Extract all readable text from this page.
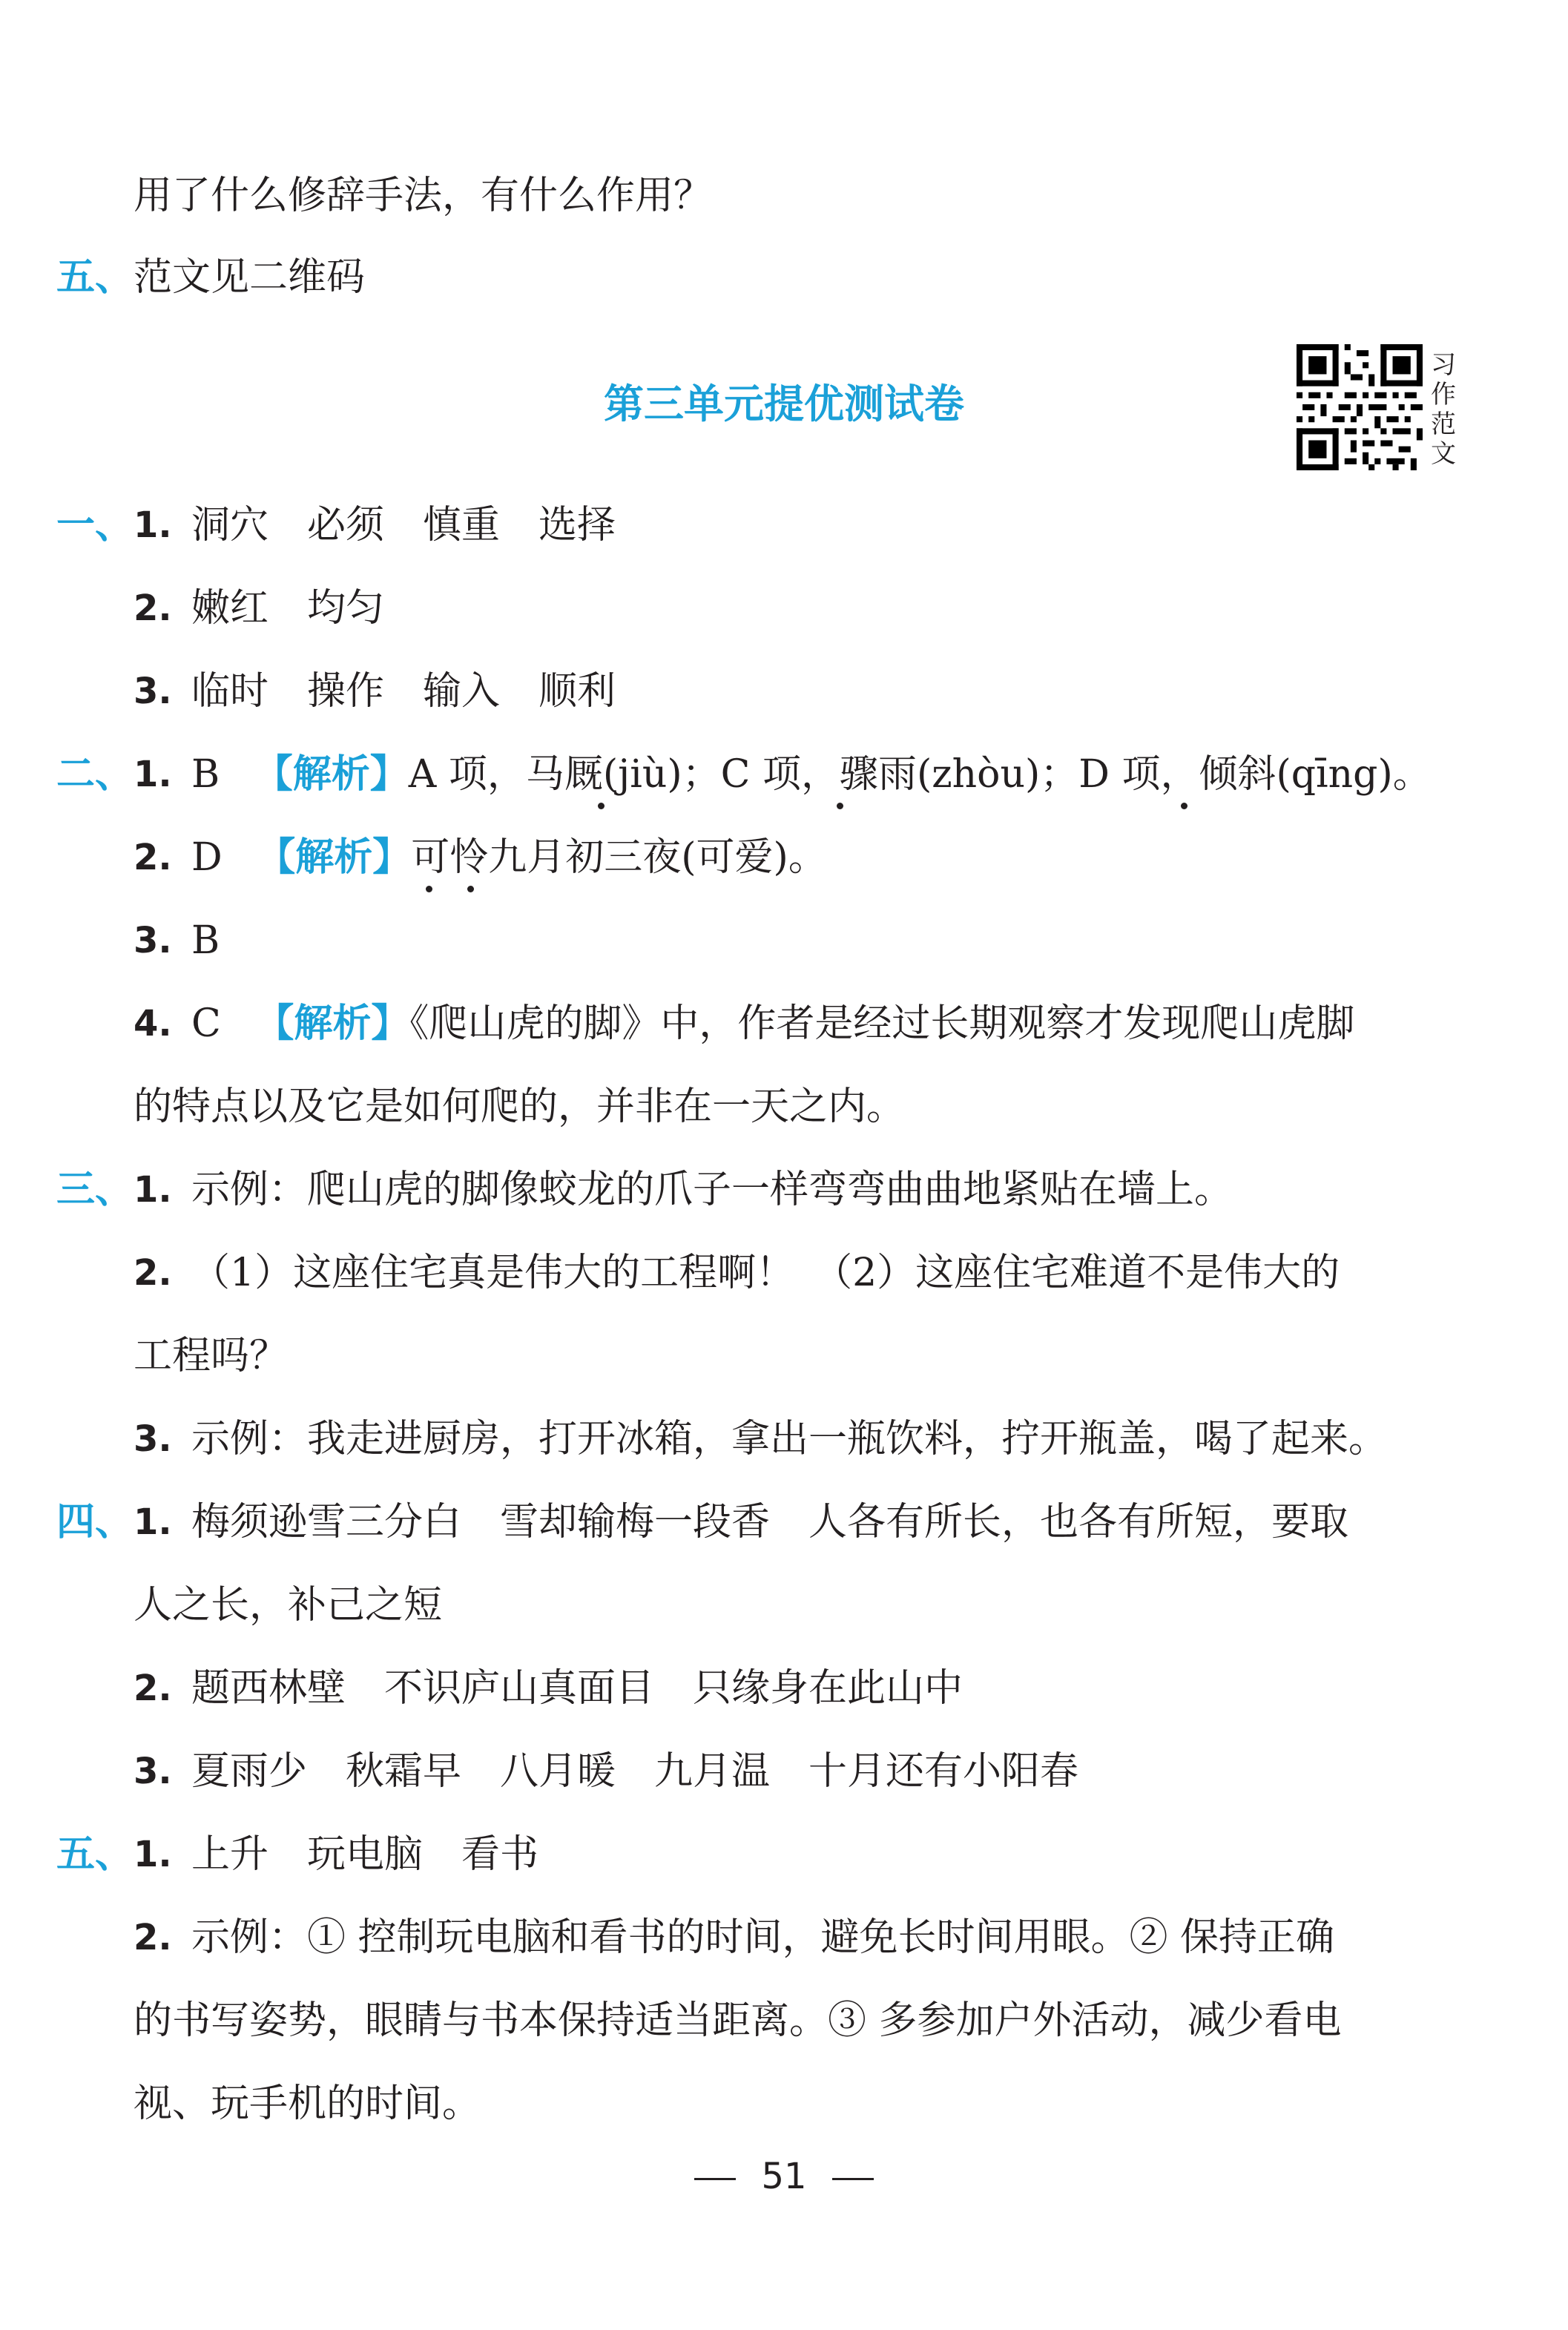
用了什么修辞手法，有什么作用？
五、 范文见二维码
第三单元提优测试卷
习
作
范
文
一、 1. 洞穴　必须　慎重　选择
2. 嫩红　均匀
3. 临时　操作　输入　顺利
二、 1. B 【解析】A 项，马厩(jiù)；C 项，骤雨(zhòu)；D 项，倾斜(qīng)。
2. D 【解析】可怜九月初三夜(可爱)。
3. B
4. C 【解析】《爬山虎的脚》中，作者是经过长期观察才发现爬山虎脚
的特点以及它是如何爬的，并非在一天之内。
三、 1. 示例：爬山虎的脚像蛟龙的爪子一样弯弯曲曲地紧贴在墙上。
2. （1）这座住宅真是伟大的工程啊！　（2）这座住宅难道不是伟大的
工程吗？
3. 示例：我走进厨房，打开冰箱，拿出一瓶饮料，拧开瓶盖，喝了起来。
四、 1. 梅须逊雪三分白　雪却输梅一段香　人各有所长，也各有所短，要取
人之长，补己之短
2. 题西林壁　不识庐山真面目　只缘身在此山中
3. 夏雨少　秋霜早　八月暖　九月温　十月还有小阳春
五、 1. 上升　玩电脑　看书
2. 示例：① 控制玩电脑和看书的时间，避免长时间用眼。② 保持正确
的书写姿势，眼睛与书本保持适当距离。③ 多参加户外活动，减少看电
视、玩手机的时间。
51
